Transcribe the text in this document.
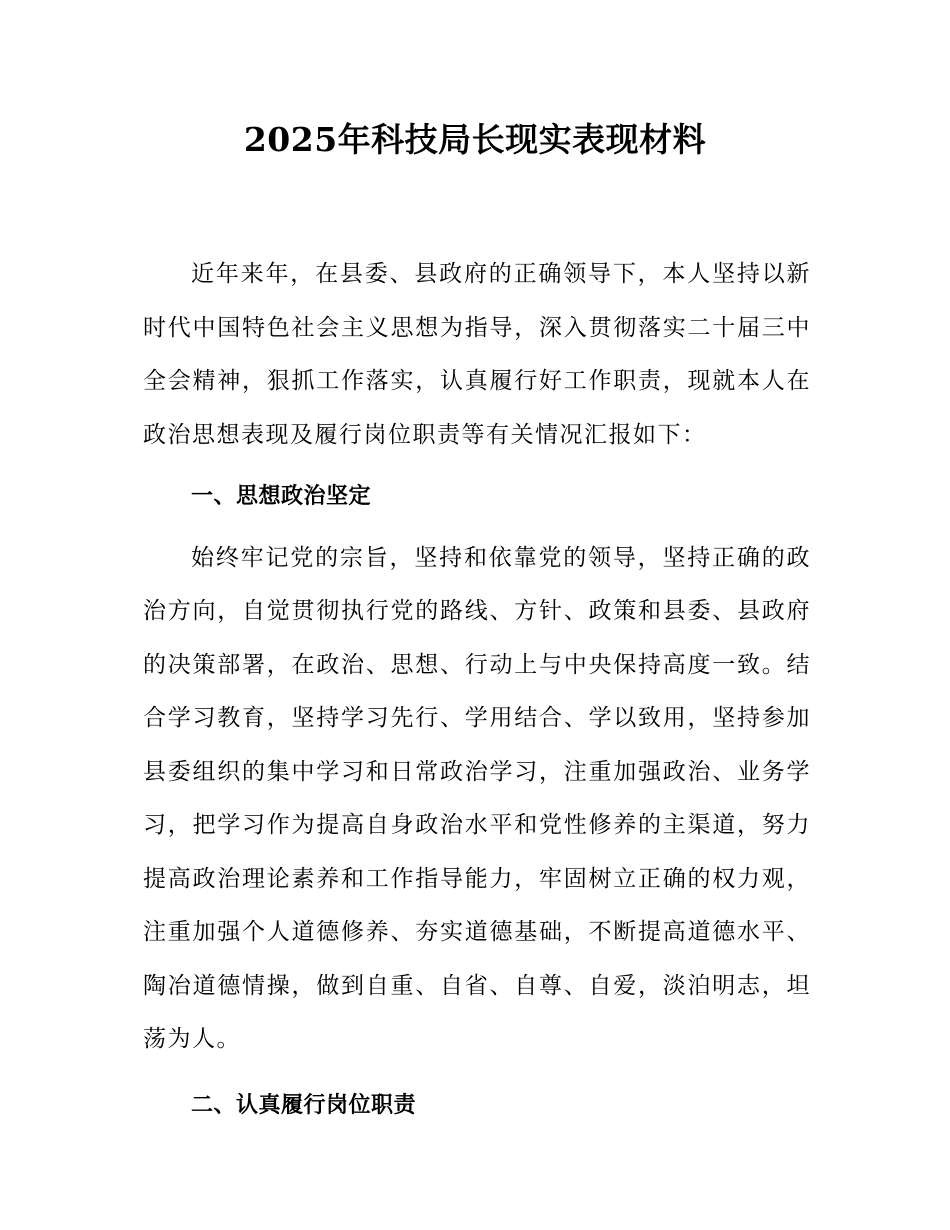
2025年科技局长现实表现材料

近年来年，在县委、县政府的正确领导下，本人坚持以新时代中国特色社会主义思想为指导，深入贯彻落实二十届三中全会精神，狠抓工作落实，认真履行好工作职责，现就本人在政治思想表现及履行岗位职责等有关情况汇报如下：

一、思想政治坚定

始终牢记党的宗旨，坚持和依靠党的领导，坚持正确的政治方向，自觉贯彻执行党的路线、方针、政策和县委、县政府的决策部署，在政治、思想、行动上与中央保持高度一致。结合学习教育，坚持学习先行、学用结合、学以致用，坚持参加县委组织的集中学习和日常政治学习，注重加强政治、业务学习，把学习作为提高自身政治水平和党性修养的主渠道，努力提高政治理论素养和工作指导能力，牢固树立正确的权力观，注重加强个人道德修养、夯实道德基础，不断提高道德水平、陶冶道德情操，做到自重、自省、自尊、自爱，淡泊明志，坦荡为人。

二、认真履行岗位职责
